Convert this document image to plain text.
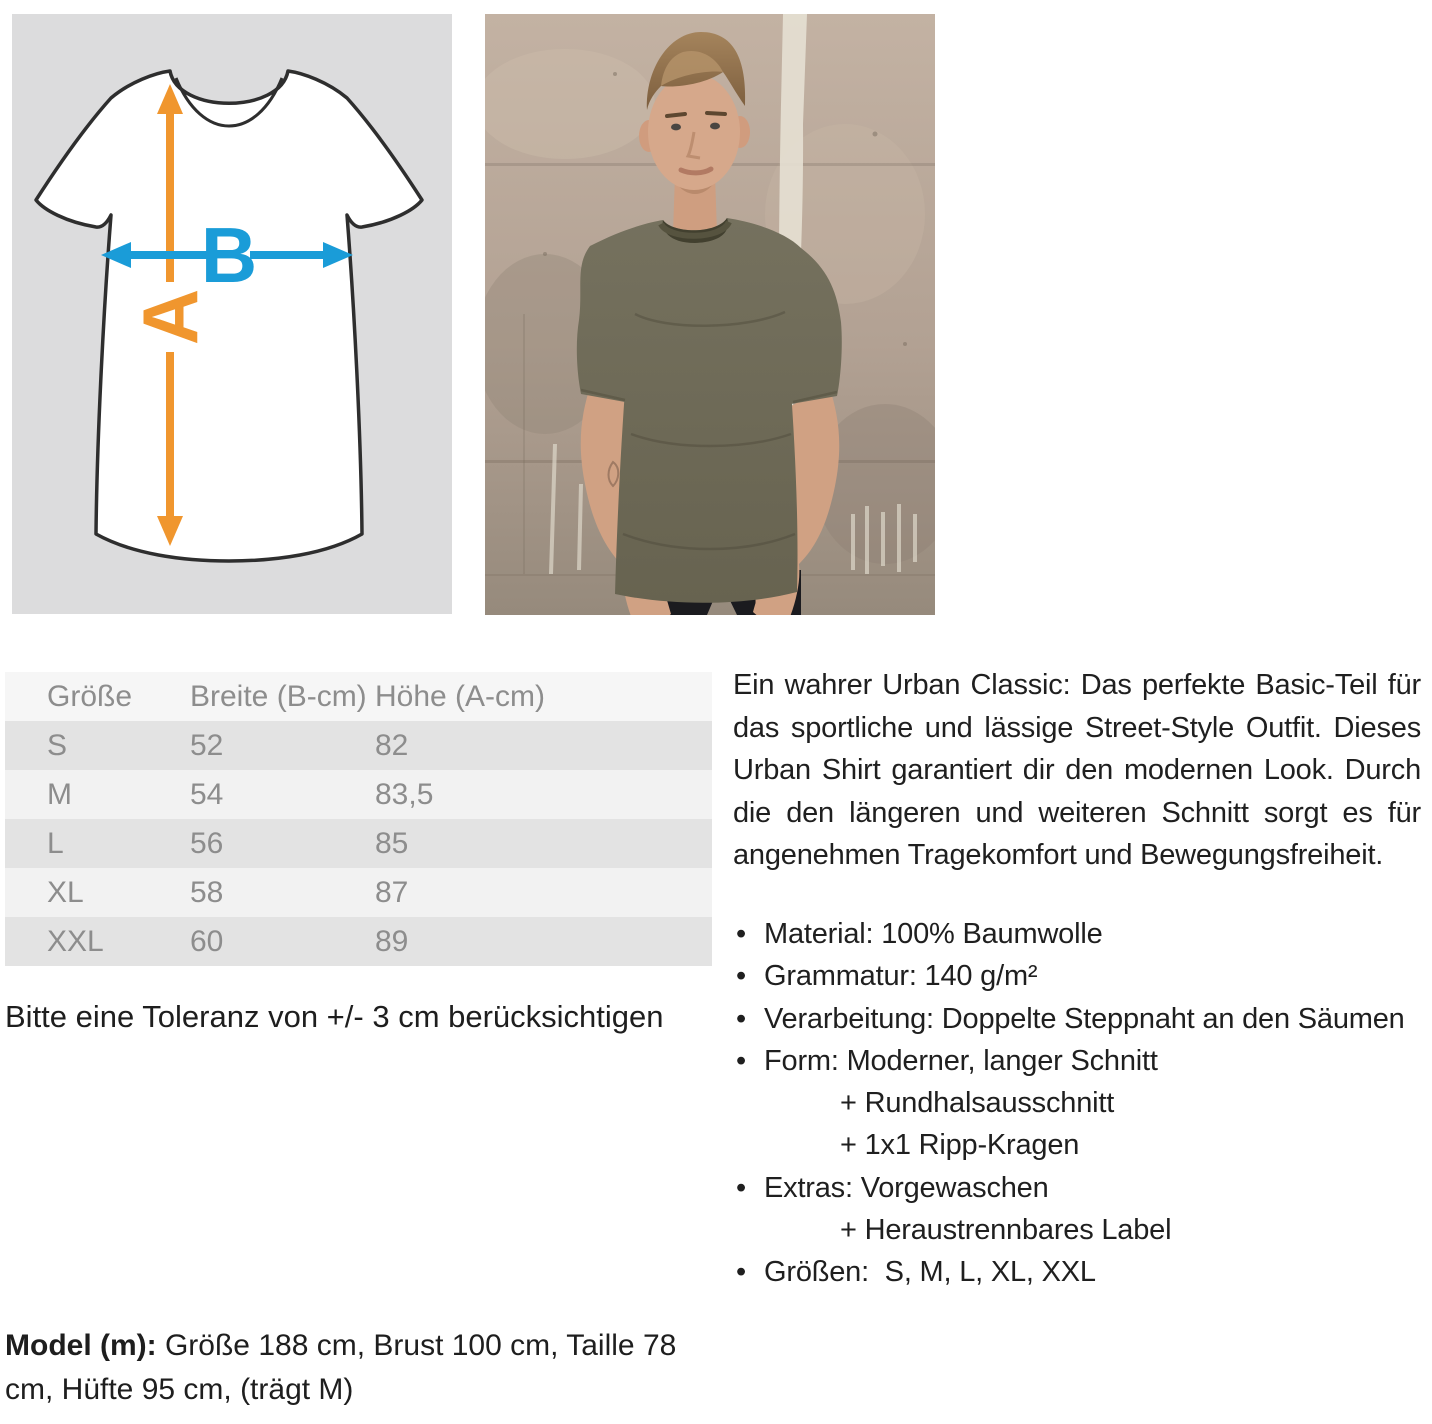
A
B
Größe	Breite (B-cm)	Höhe (A-cm)
S	52	82
M	54	83,5
L	56	85
XL	58	87
XXL	60	89

Bitte eine Toleranz von +/- 3 cm berücksichtigen

Ein wahrer Urban Classic: Das perfekte Basic-Teil für das sportliche und lässige Street-Style Outfit. Dieses Urban Shirt garantiert dir den modernen Look. Durch die den längeren und weiteren Schnitt sorgt es für angenehmen Tragekomfort und Bewegungsfreiheit.

• Material: 100% Baumwolle
• Grammatur: 140 g/m²
• Verarbeitung: Doppelte Steppnaht an den Säumen
• Form: Moderner, langer Schnitt
+ Rundhalsausschnitt
+ 1x1 Ripp-Kragen
• Extras: Vorgewaschen
+ Heraustrennbares Label
• Größen:  S, M, L, XL, XXL

Model (m): Größe 188 cm, Brust 100 cm, Taille 78 cm, Hüfte 95 cm, (trägt M)
